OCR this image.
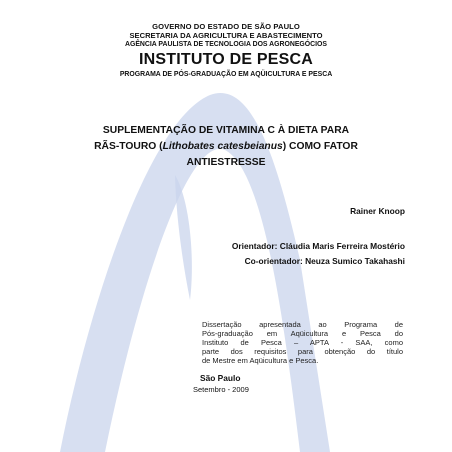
GOVERNO DO ESTADO DE SÃO PAULO
SECRETARIA DA AGRICULTURA E ABASTECIMENTO
AGÊNCIA PAULISTA DE TECNOLOGIA DOS AGRONEGÓCIOS
INSTITUTO DE PESCA
PROGRAMA DE PÓS-GRADUAÇÃO EM AQÜICULTURA E PESCA
SUPLEMENTAÇÃO DE VITAMINA C À DIETA PARA
RÃS-TOURO (Lithobates catesbeianus) COMO FATOR
ANTIESTRESSE
Rainer Knoop
Orientador: Cláudia Maris Ferreira Mostério
Co-orientador: Neuza Sumico Takahashi
Dissertação apresentada ao Programa de
Pós-graduação em Aqüicultura e Pesca do
Instituto de Pesca – APTA - SAA, como
parte dos requisitos para obtenção do título
de Mestre em Aqüicultura e Pesca.
São Paulo
Setembro - 2009
